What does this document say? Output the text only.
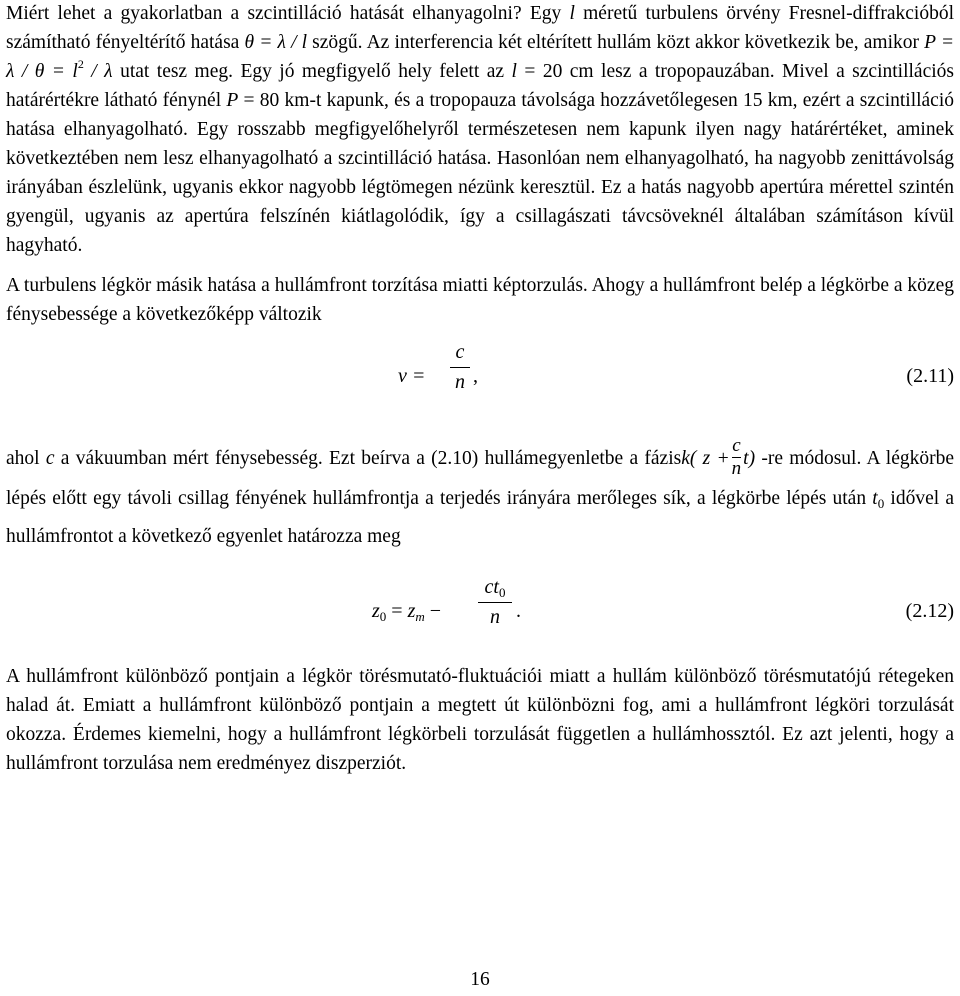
Miért lehet a gyakorlatban a szcintilláció hatását elhanyagolni? Egy l méretű turbulens örvény Fresnel-diffrakcióból számítható fényeltérítő hatása θ = λ / l szögű. Az interferencia két eltérített hullám közt akkor következik be, amikor $P = \lambda / \theta = l^2 / \lambda$ utat tesz meg. Egy jó megfigyelő hely felett az l = 20 cm lesz a tropopauzában. Mivel a szcintillációs határértékre látható fénynél P = 80 km-t kapunk, és a tropopauza távolsága hozzávetőlegesen 15 km, ezért a szcintilláció hatása elhanyagolható. Egy rosszabb megfigyelőhelyről természetesen nem kapunk ilyen nagy határértéket, aminek következtében nem lesz elhanyagolható a szcintilláció hatása. Hasonlóan nem elhanyagolható, ha nagyobb zenittávolság irányában észlelünk, ugyanis ekkor nagyobb légtömegen nézünk keresztül. Ez a hatás nagyobb apertúra mérettel szintén gyengül, ugyanis az apertúra felszínén kiátlagolódik, így a csillagászati távcsöveknél általában számításon kívül hagyható.

A turbulens légkör másik hatása a hullámfront torzítása miatti képtorzulás. Ahogy a hullámfront belép a légkörbe a közeg fénysebessége a következőképp változik

v =
c
n ,	(2.11)

ahol c a vákuumban mért fénysebesség. Ezt beírva a (2.10) hullámegyenletbe a fázisk( $z + \frac{c}{n} t$) -re módosul. A légkörbe lépés előtt egy távoli csillag fényének hullámfrontja a terjedés irányára merőleges sík, a légkörbe lépés után $t_0$ idővel a hullámfrontot a következő egyenlet határozza meg

$z_0 = z_m$ −
$ct_0$
n .	(2.12)

A hullámfront különböző pontjain a légkör törésmutató-fluktuációi miatt a hullám különböző törésmutatójú rétegeken halad át. Emiatt a hullámfront különböző pontjain a megtett út különbözni fog, ami a hullámfront légköri torzulását okozza. Érdemes kiemelni, hogy a hullámfront légkörbeli torzulását független a hullámhossztól. Ez azt jelenti, hogy a hullámfront torzulása nem eredményez diszperziót.

16
